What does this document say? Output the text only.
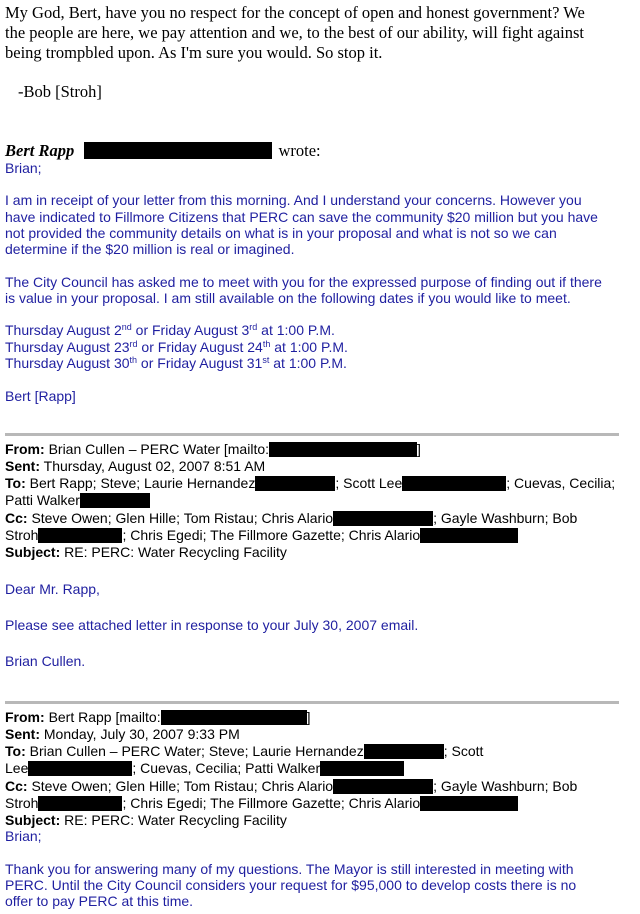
My God, Bert, have you no respect for the concept of open and honest government? We

the people are here, we pay attention and we, to the best of our ability, will fight against

being trompbled upon. As I'm sure you would. So stop it.

-Bob [Stroh]

Bert Rapp	wrote:

Brian;

I am in receipt of your letter from this morning. And I understand your concerns. However you

have indicated to Fillmore Citizens that PERC can save the community $20 million but you have

not provided the community details on what is in your proposal and what is not so we can

determine if the $20 million is real or imagined.

The City Council has asked me to meet with you for the expressed purpose of finding out if there

is value in your proposal. I am still available on the following dates if you would like to meet.

Thursday August 2nd or Friday August 3rd at 1:00 P.M.

Thursday August 23rd or Friday August 24th at 1:00 P.M.

Thursday August 30th or Friday August 31st at 1:00 P.M.

Bert [Rapp]

From: Brian Cullen – PERC Water [mailto:	]

Sent: Thursday, August 02, 2007 8:51 AM

To: Bert Rapp; Steve; Laurie Hernandez	; Scott Lee	; Cuevas, Cecilia;

Patti Walker

Cc: Steve Owen; Glen Hille; Tom Ristau; Chris Alario	; Gayle Washburn; Bob

Stroh	; Chris Egedi; The Fillmore Gazette; Chris Alario

Subject: RE: PERC: Water Recycling Facility

Dear Mr. Rapp,

Please see attached letter in response to your July 30, 2007 email.

Brian Cullen.

From: Bert Rapp [mailto:	]

Sent: Monday, July 30, 2007 9:33 PM

To: Brian Cullen – PERC Water; Steve; Laurie Hernandez	; Scott

Lee	; Cuevas, Cecilia; Patti Walker

Cc: Steve Owen; Glen Hille; Tom Ristau; Chris Alario	; Gayle Washburn; Bob

Stroh	; Chris Egedi; The Fillmore Gazette; Chris Alario

Subject: RE: PERC: Water Recycling Facility

Brian;

Thank you for answering many of my questions. The Mayor is still interested in meeting with

PERC. Until the City Council considers your request for $95,000 to develop costs there is no

offer to pay PERC at this time.
